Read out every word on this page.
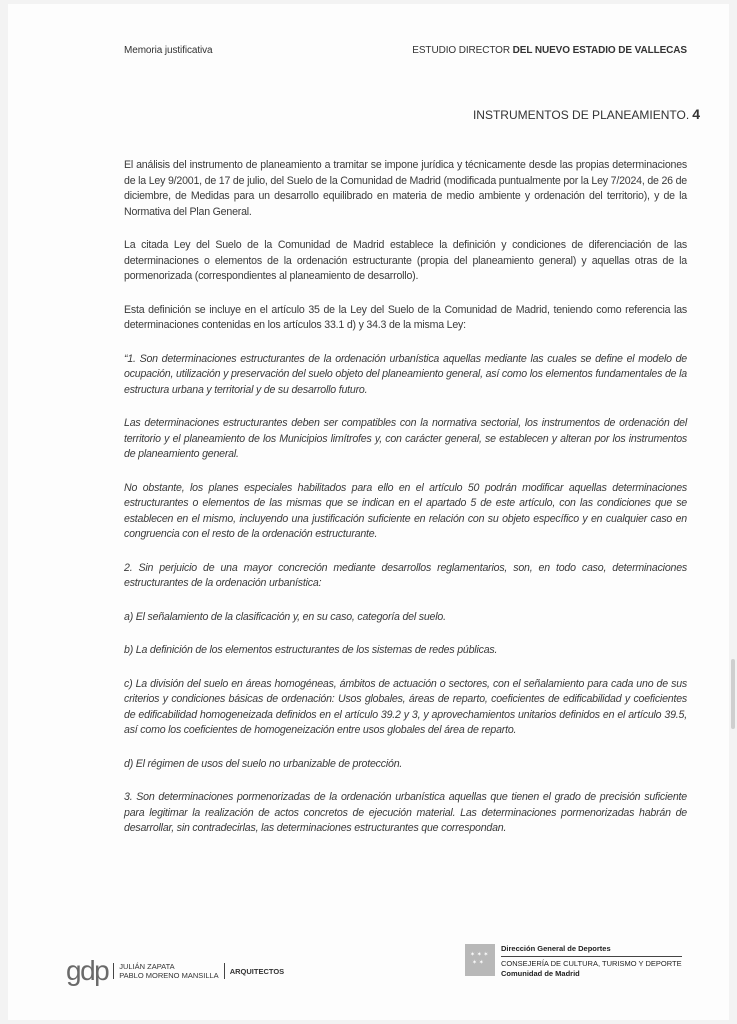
Memoria justificativa	ESTUDIO DIRECTOR DEL NUEVO ESTADIO DE VALLECAS
INSTRUMENTOS DE PLANEAMIENTO. 4

El análisis del instrumento de planeamiento a tramitar se impone jurídica y técnicamente desde las propias determinaciones de la Ley 9/2001, de 17 de julio, del Suelo de la Comunidad de Madrid (modificada puntualmente por la Ley 7/2024, de 26 de diciembre, de Medidas para un desarrollo equilibrado en materia de medio ambiente y ordenación del territorio), y de la Normativa del Plan General.

La citada Ley del Suelo de la Comunidad de Madrid establece la definición y condiciones de diferenciación de las determinaciones o elementos de la ordenación estructurante (propia del planeamiento general) y aquellas otras de la pormenorizada (correspondientes al planeamiento de desarrollo).

Esta definición se incluye en el artículo 35 de la Ley del Suelo de la Comunidad de Madrid, teniendo como referencia las determinaciones contenidas en los artículos 33.1 d) y 34.3 de la misma Ley:

“1. Son determinaciones estructurantes de la ordenación urbanística aquellas mediante las cuales se define el modelo de ocupación, utilización y preservación del suelo objeto del planeamiento general, así como los elementos fundamentales de la estructura urbana y territorial y de su desarrollo futuro.

Las determinaciones estructurantes deben ser compatibles con la normativa sectorial, los instrumentos de ordenación del territorio y el planeamiento de los Municipios limítrofes y, con carácter general, se establecen y alteran por los instrumentos de planeamiento general.

No obstante, los planes especiales habilitados para ello en el artículo 50 podrán modificar aquellas determinaciones estructurantes o elementos de las mismas que se indican en el apartado 5 de este artículo, con las condiciones que se establecen en el mismo, incluyendo una justificación suficiente en relación con su objeto específico y en cualquier caso en congruencia con el resto de la ordenación estructurante.

2. Sin perjuicio de una mayor concreción mediante desarrollos reglamentarios, son, en todo caso, determinaciones estructurantes de la ordenación urbanística:

a) El señalamiento de la clasificación y, en su caso, categoría del suelo.

b) La definición de los elementos estructurantes de los sistemas de redes públicas.

c) La división del suelo en áreas homogéneas, ámbitos de actuación o sectores, con el señalamiento para cada uno de sus criterios y condiciones básicas de ordenación: Usos globales, áreas de reparto, coeficientes de edificabilidad y coeficientes de edificabilidad homogeneizada definidos en el artículo 39.2 y 3, y aprovechamientos unitarios definidos en el artículo 39.5, así como los coeficientes de homogeneización entre usos globales del área de reparto.

d) El régimen de usos del suelo no urbanizable de protección.

3. Son determinaciones pormenorizadas de la ordenación urbanística aquellas que tienen el grado de precisión suficiente para legitimar la realización de actos concretos de ejecución material. Las determinaciones pormenorizadas habrán de desarrollar, sin contradecirlas, las determinaciones estructurantes que correspondan.

gdp JULIÁN ZAPATA
PABLO MORENO MANSILLA ARQUITECTOS
✶ ✶ ✶
✶ ✶
Dirección General de Deportes
CONSEJERÍA DE CULTURA, TURISMO Y DEPORTE

Comunidad de Madrid
